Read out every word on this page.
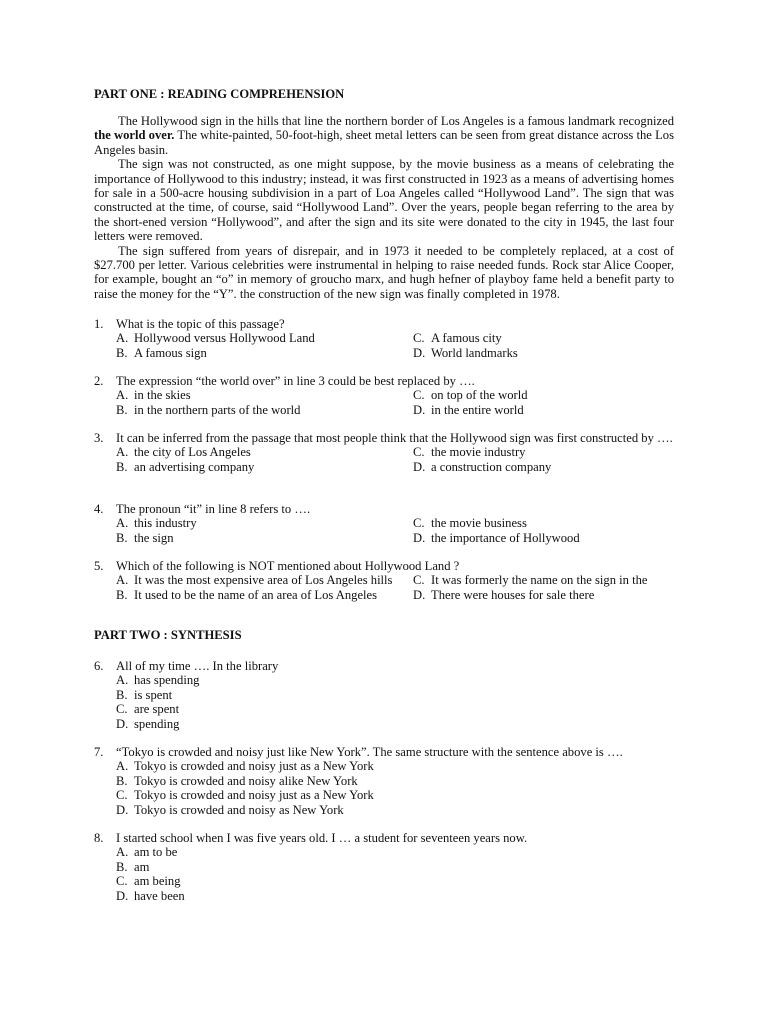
PART ONE : READING COMPREHENSION

The Hollywood sign in the hills that line the northern border of Los Angeles is a famous landmark recognized the world over. The white-painted, 50-foot-high, sheet metal letters can be seen from great distance across the Los Angeles basin.

The sign was not constructed, as one might suppose, by the movie business as a means of celebrating the importance of Hollywood to this industry; instead, it was first constructed in 1923 as a means of advertising homes for sale in a 500-acre housing subdivision in a part of Loa Angeles called “Hollywood Land”. The sign that was constructed at the time, of course, said “Hollywood Land”. Over the years, people began referring to the area by the short-ened version “Hollywood”, and after the sign and its site were donated to the city in 1945, the last four letters were removed.

The sign suffered from years of disrepair, and in 1973 it needed to be completely replaced, at a cost of $27.700 per letter. Various celebrities were instrumental in helping to raise needed funds. Rock star Alice Cooper, for example, bought an “o” in memory of groucho marx, and hugh hefner of playboy fame held a benefit party to raise the money for the “Y”. the construction of the new sign was finally completed in 1978.

1. What is the topic of this passage?
A. Hollywood versus Hollywood Land	C. A famous city
B. A famous sign	D. World landmarks
2. The expression “the world over” in line 3 could be best replaced by ….
A. in the skies	C. on top of the world
B. in the northern parts of the world	D. in the entire world
3. It can be inferred from the passage that most people think that the Hollywood sign was first constructed by ….
A. the city of Los Angeles	C. the movie industry
B. an advertising company	D. a construction company
4. The pronoun “it” in line 8 refers to ….
A. this industry	C. the movie business
B. the sign	D. the importance of Hollywood
5. Which of the following is NOT mentioned about Hollywood Land ?
A. It was the most expensive area of Los Angeles hills	C. It was formerly the name on the sign in the
B. It used to be the name of an area of Los Angeles	D. There were houses for sale there
PART TWO : SYNTHESIS
6. All of my time …. In the library
A. has spending
B. is spent
C. are spent
D. spending
7. “Tokyo is crowded and noisy just like New York”. The same structure with the sentence above is ….
A. Tokyo is crowded and noisy just as a New York
B. Tokyo is crowded and noisy alike New York
C. Tokyo is crowded and noisy just as a New York
D. Tokyo is crowded and noisy as New York
8. I started school when I was five years old. I … a student for seventeen years now.
A. am to be
B. am
C. am being
D. have been
